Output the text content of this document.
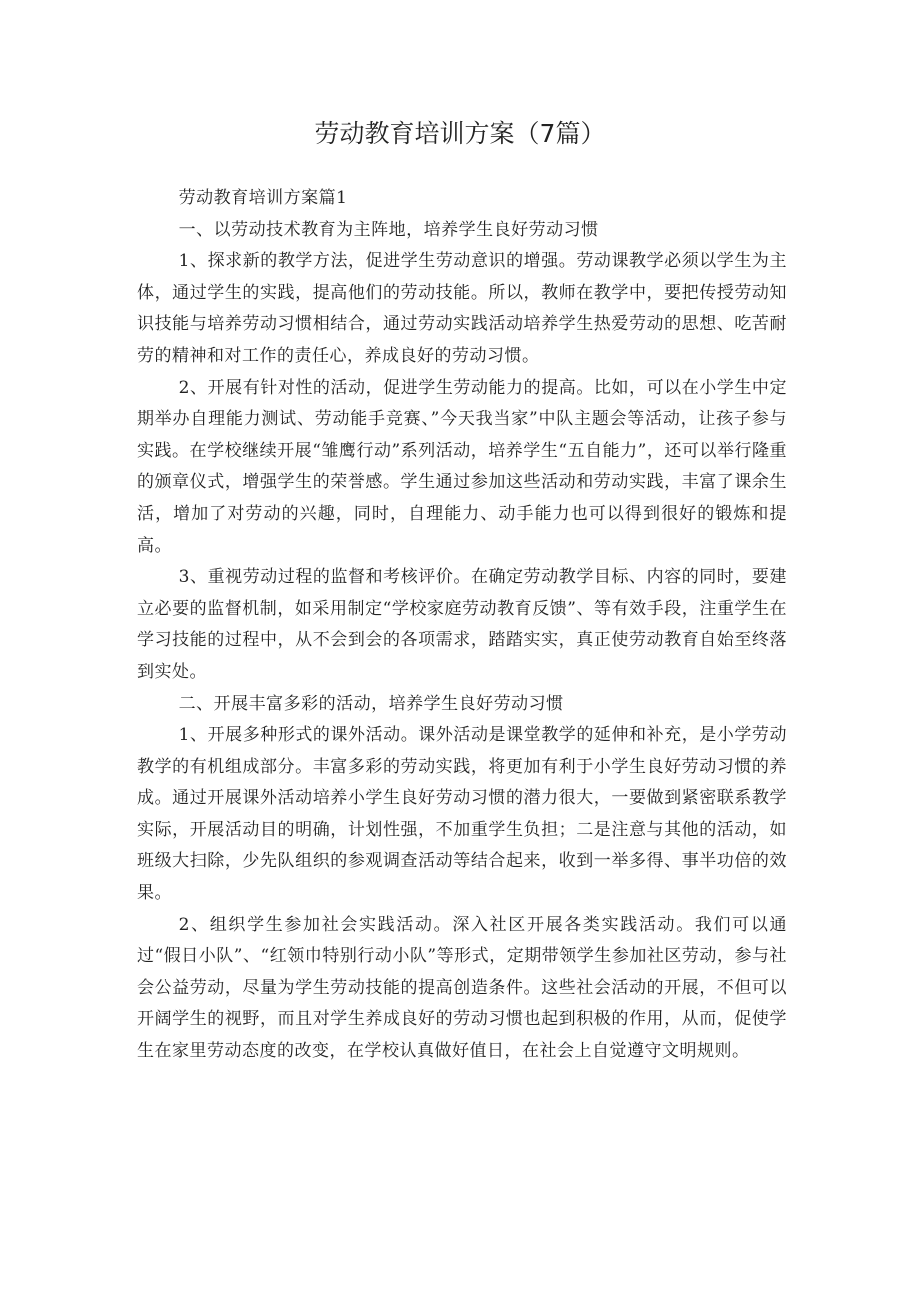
劳动教育培训方案（7篇）

劳动教育培训方案篇1

一、以劳动技术教育为主阵地，培养学生良好劳动习惯

1、探求新的教学方法，促进学生劳动意识的增强。劳动课教学必须以学生为主体，通过学生的实践，提高他们的劳动技能。所以，教师在教学中，要把传授劳动知识技能与培养劳动习惯相结合，通过劳动实践活动培养学生热爱劳动的思想、吃苦耐劳的精神和对工作的责任心，养成良好的劳动习惯。

2、开展有针对性的活动，促进学生劳动能力的提高。比如，可以在小学生中定期举办自理能力测试、劳动能手竞赛、”今天我当家”中队主题会等活动，让孩子参与实践。在学校继续开展“雏鹰行动”系列活动，培养学生“五自能力”，还可以举行隆重的颁章仪式，增强学生的荣誉感。学生通过参加这些活动和劳动实践，丰富了课余生活，增加了对劳动的兴趣，同时，自理能力、动手能力也可以得到很好的锻炼和提高。

3、重视劳动过程的监督和考核评价。在确定劳动教学目标、内容的同时，要建立必要的监督机制，如采用制定“学校家庭劳动教育反馈”、等有效手段，注重学生在学习技能的过程中，从不会到会的各项需求，踏踏实实，真正使劳动教育自始至终落到实处。

二、开展丰富多彩的活动，培养学生良好劳动习惯

1、开展多种形式的课外活动。课外活动是课堂教学的延伸和补充，是小学劳动教学的有机组成部分。丰富多彩的劳动实践，将更加有利于小学生良好劳动习惯的养成。通过开展课外活动培养小学生良好劳动习惯的潜力很大，一要做到紧密联系教学实际，开展活动目的明确，计划性强，不加重学生负担；二是注意与其他的活动，如班级大扫除，少先队组织的参观调查活动等结合起来，收到一举多得、事半功倍的效果。

2、组织学生参加社会实践活动。深入社区开展各类实践活动。我们可以通过“假日小队”、“红领巾特别行动小队”等形式，定期带领学生参加社区劳动，参与社会公益劳动，尽量为学生劳动技能的提高创造条件。这些社会活动的开展，不但可以开阔学生的视野，而且对学生养成良好的劳动习惯也起到积极的作用，从而，促使学生在家里劳动态度的改变，在学校认真做好值日，在社会上自觉遵守文明规则。
